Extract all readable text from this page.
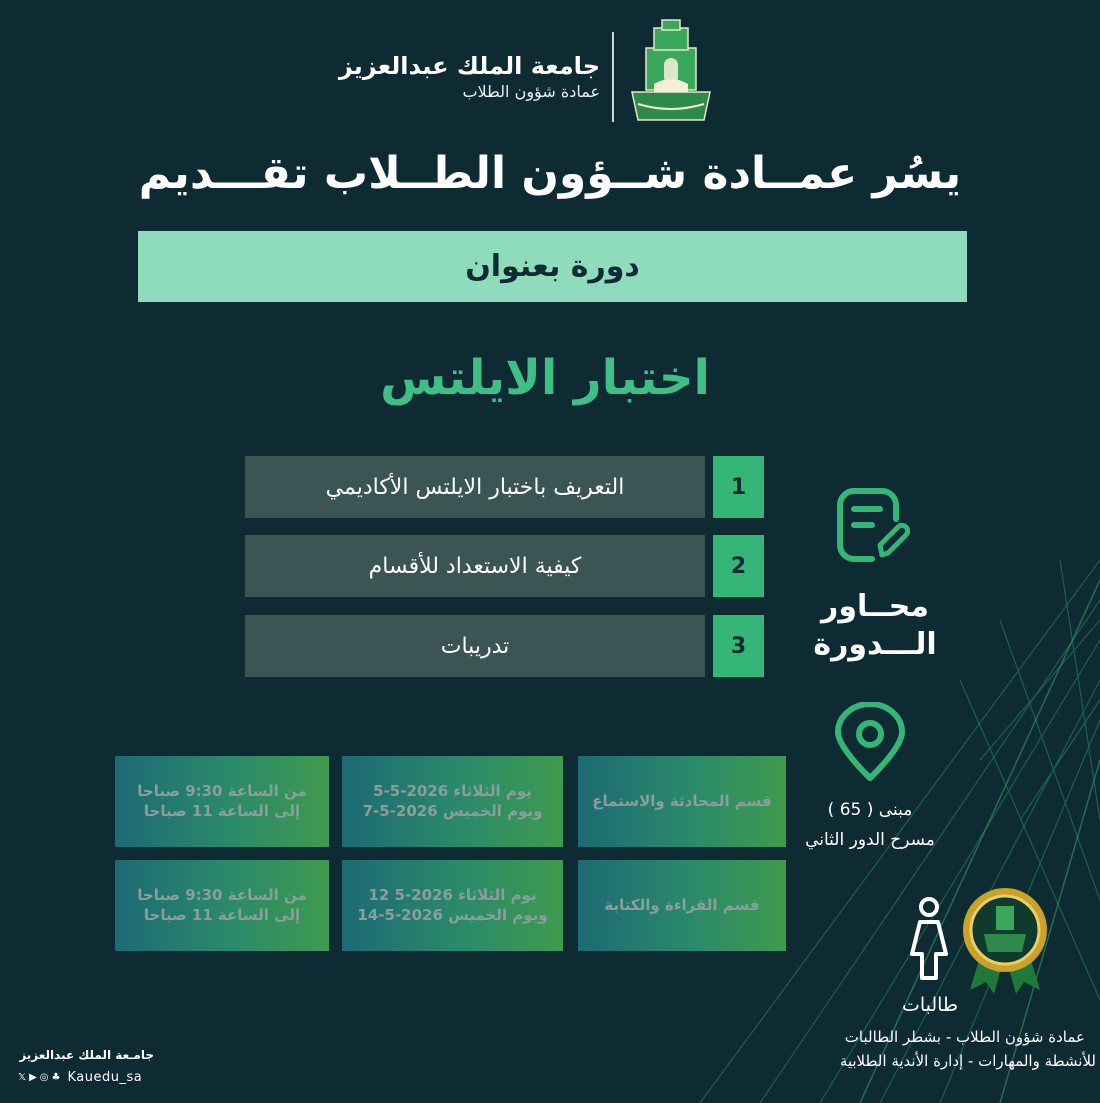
جامعة الملك عبدالعزيز
عمادة شؤون الطلاب
يسُر عمــادة شــؤون الطــلاب تقـــديم
دورة بعنوان
اختبار الايلتس
التعريف باختبار الايلتس الأكاديمي	1
كيفية الاستعداد للأقسام	2
تدريبات	3
محــاور
الـــدورة
مبنى ( 65 )
مسرح الدور الثاني
قسم المحادثة والاستماع
يوم الثلاثاء 2026-5-5
ويوم الخميس 2026-5-7
من الساعة 9:30 صباحا
إلى الساعة 11 صباحا
قسم القراءة والكتابة
يوم الثلاثاء 2026-5 12
ويوم الخميس 2026-5-14
من الساعة 9:30 صباحا
إلى الساعة 11 صباحا
طالبات
عمادة شؤون الطلاب - بشطر الطالبات
للأنشطة والمهارات - إدارة الأندية الطلابية
جامـعة الملك عبدالعزيز
𝕏 ▶ ◎ ♣ Kaued​u_sa
